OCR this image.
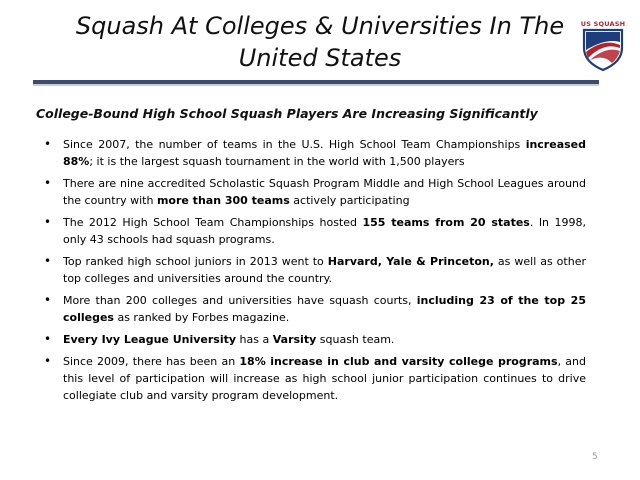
Squash At Colleges & Universities In The United States
US SQUASH
College-Bound High School Squash Players Are Increasing Significantly
• Since 2007, the number of teams in the U.S. High School Team Championships increased 88%; it is the largest squash tournament in the world with 1,500 players
• There are nine accredited Scholastic Squash Program Middle and High School Leagues around the country with more than 300 teams actively participating
• The 2012 High School Team Championships hosted 155 teams from 20 states. In 1998, only 43 schools had squash programs.
• Top ranked high school juniors in 2013 went to Harvard, Yale & Princeton, as well as other top colleges and universities around the country.
• More than 200 colleges and universities have squash courts, including 23 of the top 25 colleges as ranked by Forbes magazine.
• Every Ivy League University has a Varsity squash team.
• Since 2009, there has been an 18% increase in club and varsity college programs, and this level of participation will increase as high school junior participation continues to drive collegiate club and varsity program development.
5
